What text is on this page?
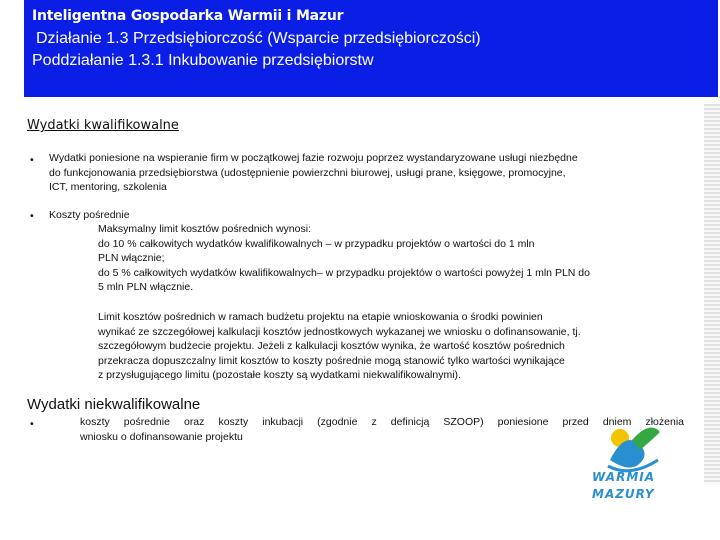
Inteligentna Gospodarka Warmii i Mazur
Działanie 1.3 Przedsiębiorczość (Wsparcie przedsiębiorczości)
Poddziałanie 1.3.1 Inkubowanie przedsiębiorstw
Wydatki kwalifikowalne
• Wydatki poniesione na wspieranie firm w początkowej fazie rozwoju poprzez wystandaryzowane usługi niezbędne
do funkcjonowania przedsiębiorstwa (udostępnienie powierzchni biurowej, usługi prane, księgowe, promocyjne,
ICT, mentoring, szkolenia
• Koszty pośrednie
Maksymalny limit kosztów pośrednich wynosi:
do 10 % całkowitych wydatków kwalifikowalnych – w przypadku projektów o wartości do 1 mln
PLN włącznie;
do 5 % całkowitych wydatków kwalifikowalnych– w przypadku projektów o wartości powyżej 1 mln PLN do
5 mln PLN włącznie.
Limit kosztów pośrednich w ramach budżetu projektu na etapie wnioskowania o środki powinien
wynikać ze szczegółowej kalkulacji kosztów jednostkowych wykazanej we wniosku o dofinansowanie, tj.
szczegółowym budżecie projektu. Jeżeli z kalkulacji kosztów wynika, że wartość kosztów pośrednich
przekracza dopuszczalny limit kosztów to koszty pośrednie mogą stanowić tylko wartości wynikające
z przysługującego limitu (pozostałe koszty są wydatkami niekwalifikowalnymi).
Wydatki niekwalifikowalne
•	koszty pośrednie oraz koszty inkubacji (zgodnie z definicją SZOOP) poniesione przed dniem złożenia
wniosku o dofinansowanie projektu
WARMIA
MAZURY
